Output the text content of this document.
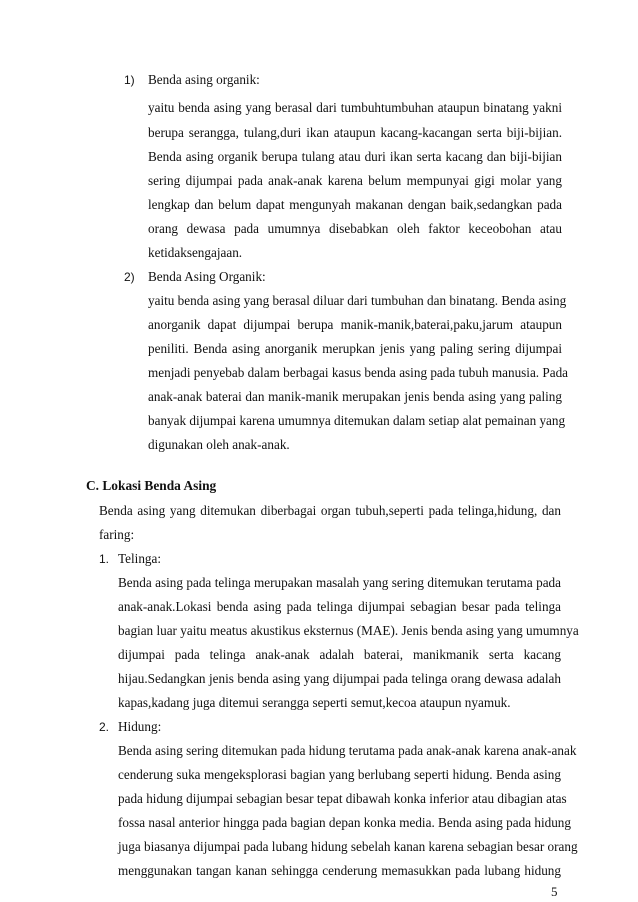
1) Benda asing organik:
yaitu benda asing yang berasal dari tumbuhtumbuhan ataupun binatang yakni
berupa serangga, tulang,duri ikan ataupun kacang-kacangan serta biji-bijian.
Benda asing organik berupa tulang atau duri ikan serta kacang dan biji-bijian
sering dijumpai pada anak-anak karena belum mempunyai gigi molar yang
lengkap dan belum dapat mengunyah makanan dengan baik,sedangkan pada
orang dewasa pada umumnya disebabkan oleh faktor keceobohan atau
ketidaksengajaan.
2) Benda Asing Organik:
yaitu benda asing yang berasal diluar dari tumbuhan dan binatang. Benda asing
anorganik dapat dijumpai berupa manik-manik,baterai,paku,jarum ataupun
peniliti. Benda asing anorganik merupkan jenis yang paling sering dijumpai
menjadi penyebab dalam berbagai kasus benda asing pada tubuh manusia. Pada
anak-anak baterai dan manik-manik merupakan jenis benda asing yang paling
banyak dijumpai karena umumnya ditemukan dalam setiap alat pemainan yang
digunakan oleh anak-anak.
C. Lokasi Benda Asing
Benda asing yang ditemukan diberbagai organ tubuh,seperti pada telinga,hidung, dan
faring:
1. Telinga:
Benda asing pada telinga merupakan masalah yang sering ditemukan terutama pada
anak-anak.Lokasi benda asing pada telinga dijumpai sebagian besar pada telinga
bagian luar yaitu meatus akustikus eksternus (MAE). Jenis benda asing yang umumnya
dijumpai pada telinga anak-anak adalah baterai, manikmanik serta kacang
hijau.Sedangkan jenis benda asing yang dijumpai pada telinga orang dewasa adalah
kapas,kadang juga ditemui serangga seperti semut,kecoa ataupun nyamuk.
2. Hidung:
Benda asing sering ditemukan pada hidung terutama pada anak-anak karena anak-anak
cenderung suka mengeksplorasi bagian yang berlubang seperti hidung. Benda asing
pada hidung dijumpai sebagian besar tepat dibawah konka inferior atau dibagian atas
fossa nasal anterior hingga pada bagian depan konka media. Benda asing pada hidung
juga biasanya dijumpai pada lubang hidung sebelah kanan karena sebagian besar orang
menggunakan tangan kanan sehingga cenderung memasukkan pada lubang hidung
5
